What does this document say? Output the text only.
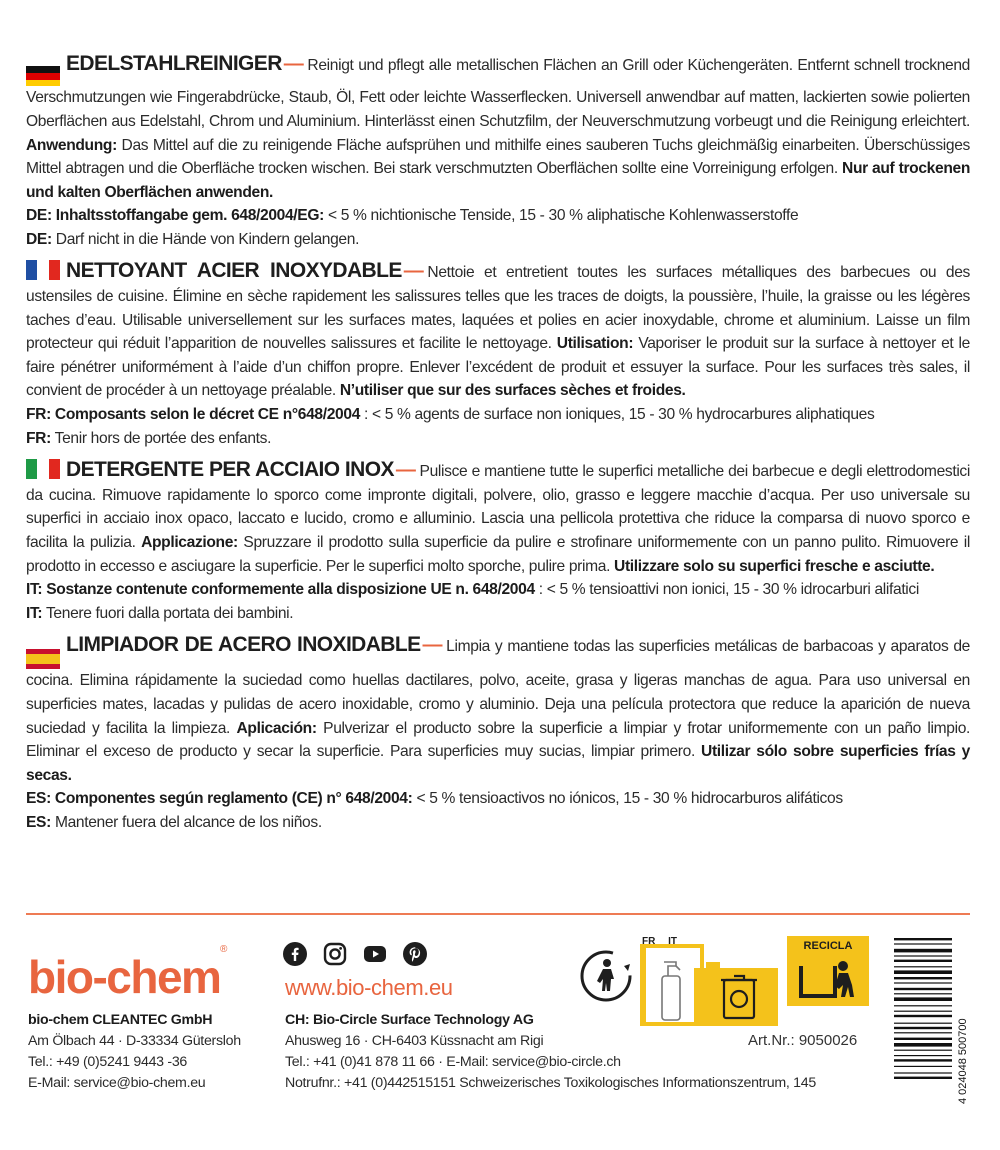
EDELSTAHLREINIGER — Reinigt und pflegt alle metallischen Flächen an Grill oder Küchengeräten. Entfernt schnell trocknend Verschmutzungen wie Fingerabdrücke, Staub, Öl, Fett oder leichte Wasserflecken. Universell anwendbar auf matten, lackierten sowie polierten Oberflächen aus Edelstahl, Chrom und Aluminium. Hinterlässt einen Schutzfilm, der Neuverschmutzung vorbeugt und die Reinigung erleichtert. Anwendung: Das Mittel auf die zu reinigende Fläche aufsprühen und mithilfe eines sauberen Tuchs gleichmäßig einarbeiten. Überschüssiges Mittel abtragen und die Oberfläche trocken wischen. Bei stark verschmutzten Oberflächen sollte eine Vorreinigung erfolgen. Nur auf trockenen und kalten Oberflächen anwenden.
DE: Inhaltsstoffangabe gem. 648/2004/EG: < 5 % nichtionische Tenside, 15 - 30 % aliphatische Kohlenwasserstoffe
DE: Darf nicht in die Hände von Kindern gelangen.
NETTOYANT ACIER INOXYDABLE — Nettoie et entretient toutes les surfaces métalliques des barbecues ou des ustensiles de cuisine. Élimine en sèche rapidement les salissures telles que les traces de doigts, la poussière, l’huile, la graisse ou les légères taches d’eau. Utilisable universellement sur les surfaces mates, laquées et polies en acier inoxydable, chrome et aluminium. Laisse un film protecteur qui réduit l’apparition de nouvelles salissures et facilite le nettoyage. Utilisation: Vaporiser le produit sur la surface à nettoyer et le faire pénétrer uniformément à l’aide d’un chiffon propre. Enlever l’excédent de produit et essuyer la surface. Pour les surfaces très sales, il convient de procéder à un nettoyage préalable. N’utiliser que sur des surfaces sèches et froides.
FR: Composants selon le décret CE n°648/2004 : < 5 % agents de surface non ioniques, 15 - 30 % hydrocarbures aliphatiques
FR: Tenir hors de portée des enfants.
DETERGENTE PER ACCIAIO INOX — Pulisce e mantiene tutte le superfici metalliche dei barbecue e degli elettrodomestici da cucina. Rimuove rapidamente lo sporco come impronte digitali, polvere, olio, grasso e leggere macchie d’acqua. Per uso universale su superfici in acciaio inox opaco, laccato e lucido, cromo e alluminio. Lascia una pellicola protettiva che riduce la comparsa di nuovo sporco e facilita la pulizia. Applicazione: Spruzzare il prodotto sulla superficie da pulire e strofinare uniformemente con un panno pulito. Rimuovere il prodotto in eccesso e asciugare la superficie. Per le superfici molto sporche, pulire prima. Utilizzare solo su superfici fresche e asciutte.
IT: Sostanze contenute conformemente alla disposizione UE n. 648/2004 : < 5 % tensioattivi non ionici, 15 - 30 % idrocarburi alifatici
IT: Tenere fuori dalla portata dei bambini.
LIMPIADOR DE ACERO INOXIDABLE — Limpia y mantiene todas las superficies metálicas de barbacoas y aparatos de cocina. Elimina rápidamente la suciedad como huellas dactilares, polvo, aceite, grasa y ligeras manchas de agua. Para uso universal en superficies mates, lacadas y pulidas de acero inoxidable, cromo y aluminio. Deja una película protectora que reduce la aparición de nueva suciedad y facilita la limpieza. Aplicación: Pulverizar el producto sobre la superficie a limpiar y frotar uniformemente con un paño limpio. Eliminar el exceso de producto y secar la superficie. Para superficies muy sucias, limpiar primero. Utilizar sólo sobre superficies frías y secas.
ES: Componentes según reglamento (CE) n° 648/2004: < 5 % tensioactivos no iónicos, 15 - 30 % hidrocarburos alifáticos
ES: Mantener fuera del alcance de los niños.
bio-chem
®
bio-chem CLEANTEC GmbH
Am Ölbach 44 · D-33334 Gütersloh
Tel.: +49 (0)5241 9443 -36
E-Mail: service@bio-chem.eu
www.bio-chem.eu
CH: Bio-Circle Surface Technology AG
Ahusweg 16 · CH-6403 Küssnacht am Rigi
Tel.: +41 (0)41 878 11 66 · E-Mail: service@bio-circle.ch
Notrufnr.: +41 (0)442515151 Schweizerisches Toxikologisches Informationszentrum, 145
FR IT	RECICLA
Art.Nr.: 9050026	4 024048 500700
